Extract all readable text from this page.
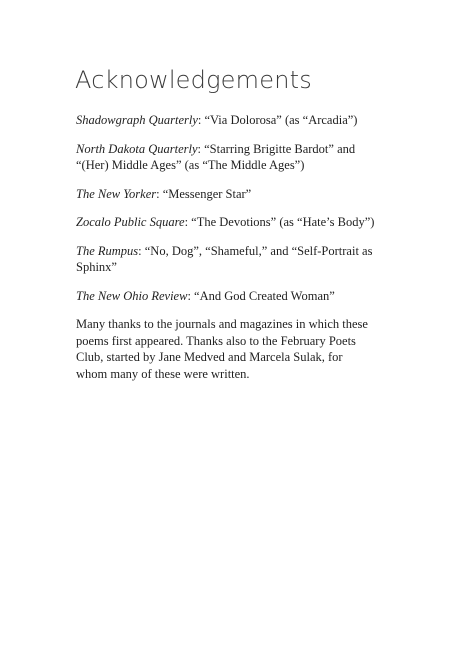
Acknowledgements

Shadowgraph Quarterly: “Via Dolorosa” (as “Arcadia”)

North Dakota Quarterly: “Starring Brigitte Bardot” and “(Her) Middle Ages” (as “The Middle Ages”)

The New Yorker: “Messenger Star”

Zocalo Public Square: “The Devotions” (as “Hate’s Body”)

The Rumpus: “No, Dog”, “Shameful,” and “Self-Portrait as Sphinx”

The New Ohio Review: “And God Created Woman”

Many thanks to the journals and magazines in which these poems first appeared. Thanks also to the February Poets Club, started by Jane Medved and Marcela Sulak, for whom many of these were written.
